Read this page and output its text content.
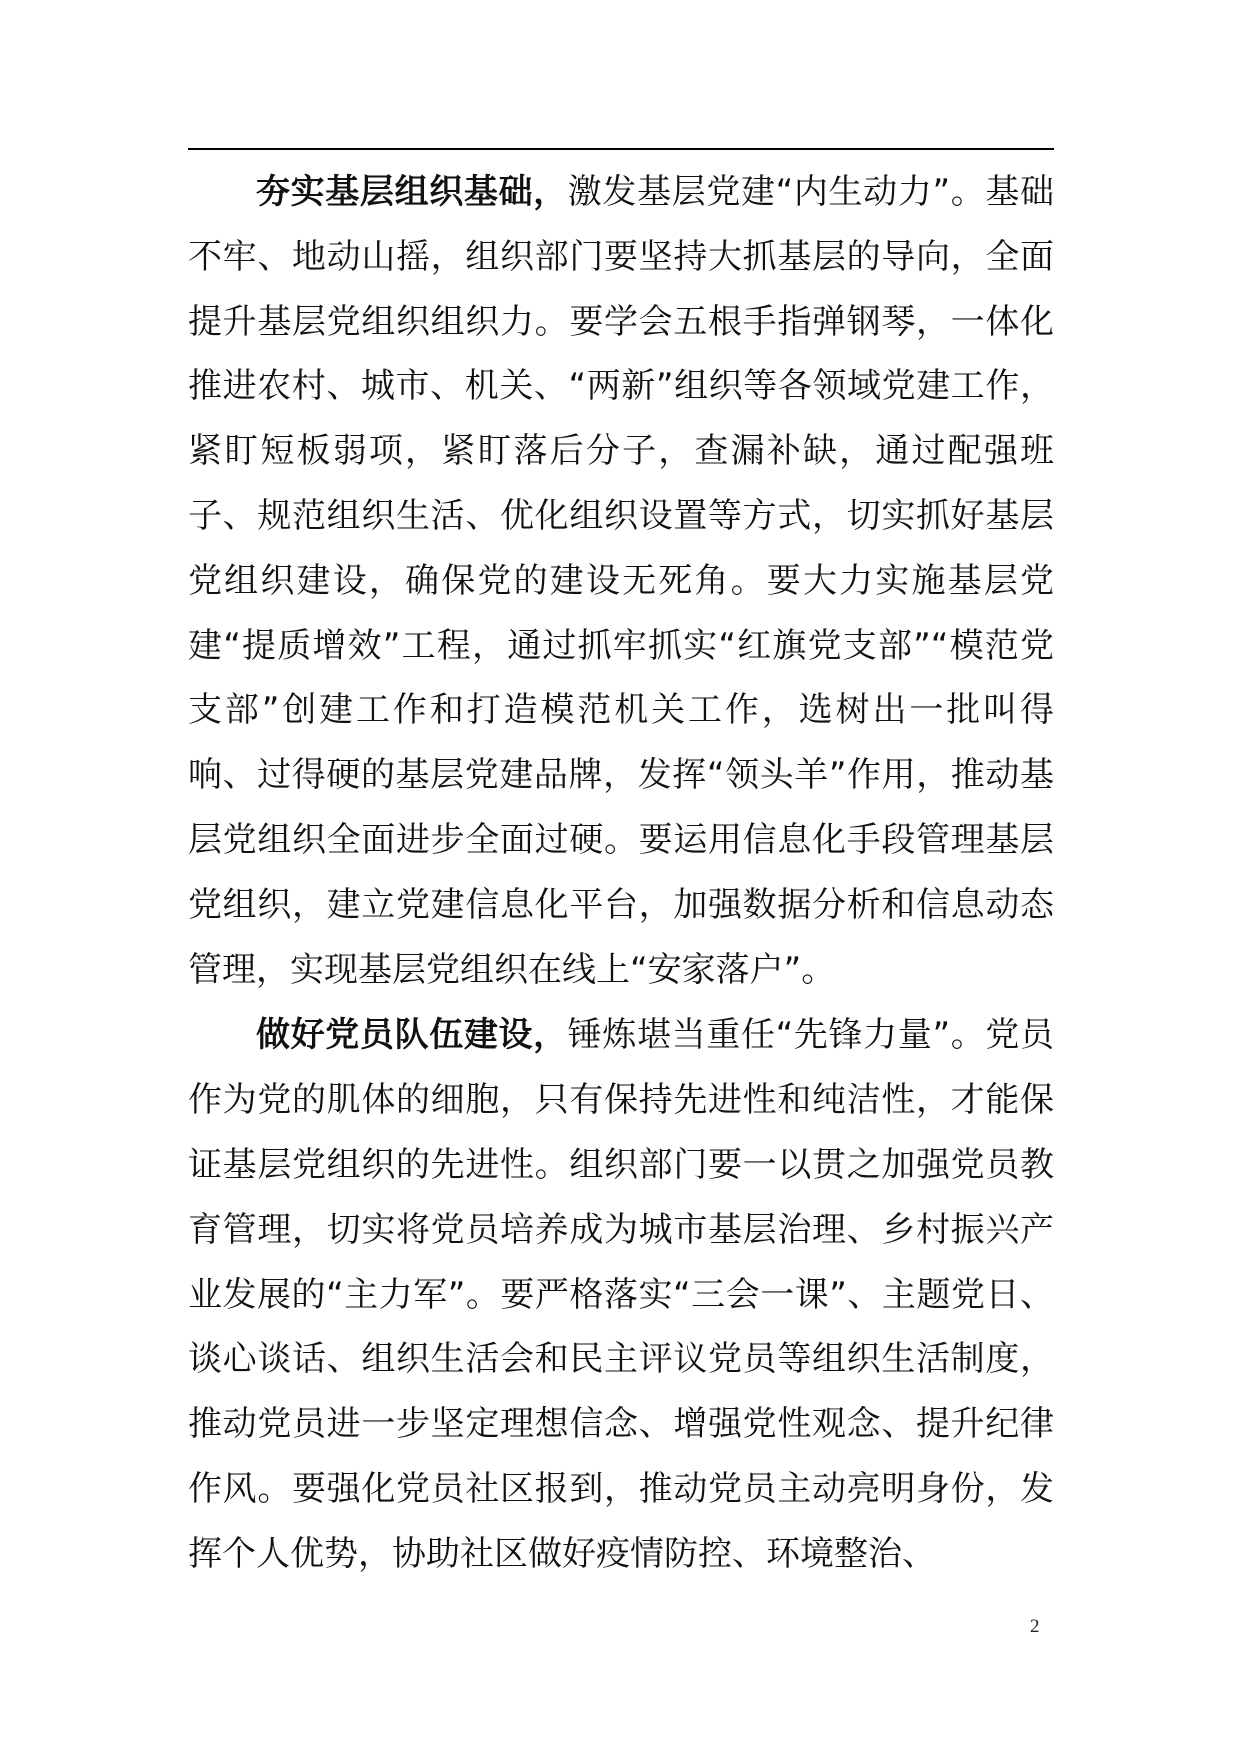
夯实基层组织基础，激发基层党建“内生动力”。基础不牢、地动山摇，组织部门要坚持大抓基层的导向，全面提升基层党组织组织力。要学会五根手指弹钢琴，一体化推进农村、城市、机关、“两新”组织等各领域党建工作，紧盯短板弱项，紧盯落后分子，查漏补缺，通过配强班子、规范组织生活、优化组织设置等方式，切实抓好基层党组织建设，确保党的建设无死角。要大力实施基层党建“提质增效”工程，通过抓牢抓实“红旗党支部”“模范党支部”创建工作和打造模范机关工作，选树出一批叫得响、过得硬的基层党建品牌，发挥“领头羊”作用，推动基层党组织全面进步全面过硬。要运用信息化手段管理基层党组织，建立党建信息化平台，加强数据分析和信息动态管理，实现基层党组织在线上“安家落户”。

做好党员队伍建设，锤炼堪当重任“先锋力量”。党员作为党的肌体的细胞，只有保持先进性和纯洁性，才能保证基层党组织的先进性。组织部门要一以贯之加强党员教育管理，切实将党员培养成为城市基层治理、乡村振兴产业发展的“主力军”。要严格落实“三会一课”、主题党日、谈心谈话、组织生活会和民主评议党员等组织生活制度，推动党员进一步坚定理想信念、增强党性观念、提升纪律作风。要强化党员社区报到，推动党员主动亮明身份，发挥个人优势，协助社区做好疫情防控、环境整治、

2
